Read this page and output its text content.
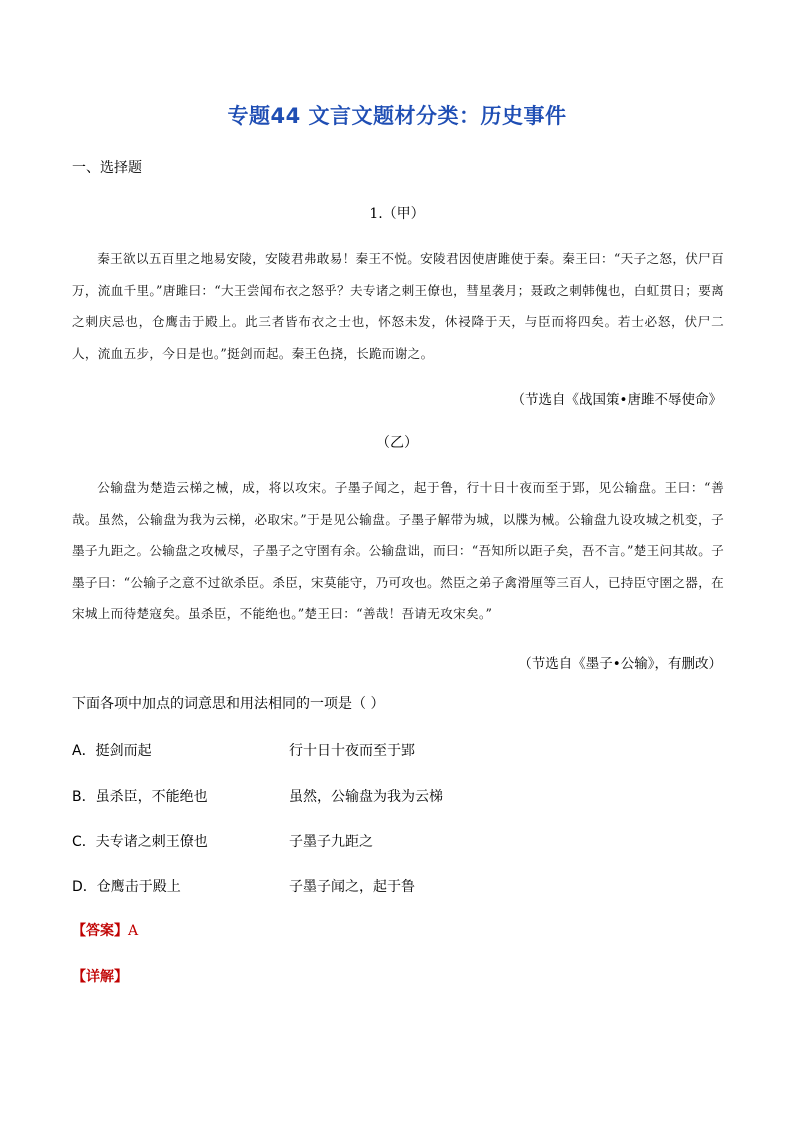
专题44 文言文题材分类：历史事件
一、选择题
1.（甲）
秦王欲以五百里之地易安陵，安陵君弗敢易！秦王不悦。安陵君因使唐雎使于秦。秦王曰：“天子之怒，伏尸百万，流血千里。”唐雎曰：“大王尝闻布衣之怒乎？夫专诸之刺王僚也，彗星袭月；聂政之刺韩傀也，白虹贯日；要离之刺庆忌也，仓鹰击于殿上。此三者皆布衣之士也，怀怒未发，休祲降于天，与臣而将四矣。若士必怒，伏尸二人，流血五步，今日是也。”挺剑而起。秦王色挠，长跪而谢之。
（节选自《战国策•唐雎不辱使命》
（乙）
公输盘为楚造云梯之械，成，将以攻宋。子墨子闻之，起于鲁，行十日十夜而至于郢，见公输盘。王曰：“善哉。虽然，公输盘为我为云梯，必取宋。”于是见公输盘。子墨子解带为城，以牒为械。公输盘九设攻城之机变，子墨子九距之。公输盘之攻械尽，子墨子之守圉有余。公输盘诎，而曰：“吾知所以距子矣，吾不言。”楚王问其故。子墨子曰：“公输子之意不过欲杀臣。杀臣，宋莫能守，乃可攻也。然臣之弟子禽滑厘等三百人，已持臣守圉之器，在宋城上而待楚寇矣。虽杀臣，不能绝也。”楚王曰：“善哉！吾请无攻宋矣。”
（节选自《墨子•公输》，有删改）
下面各项中加点的词意思和用法相同的一项是（ ）
A．挺剑而起	行十日十夜而至于郢
B．虽杀臣，不能绝也	虽然，公输盘为我为云梯
C．夫专诸之刺王僚也	子墨子九距之
D．仓鹰击于殿上	子墨子闻之，起于鲁
【答案】A
【详解】
